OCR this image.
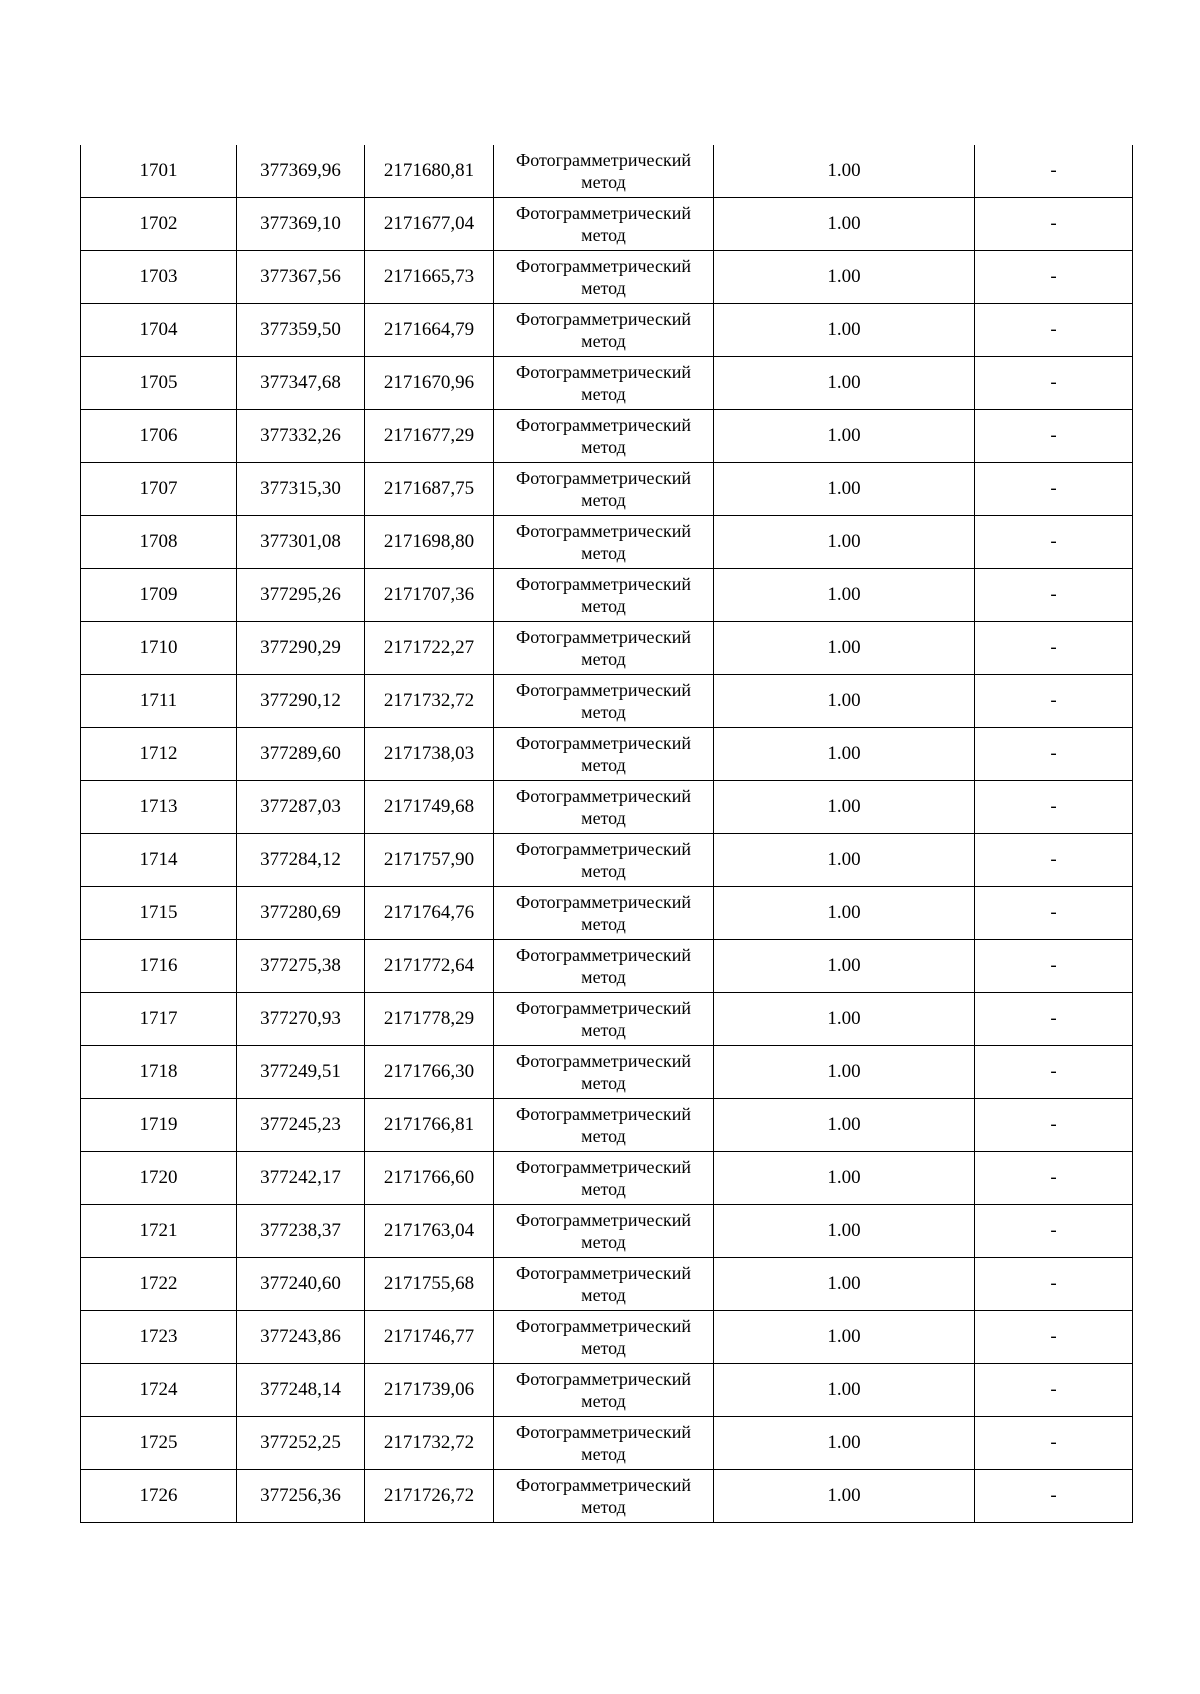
1701	377369,96	2171680,81	Фотограмметрический
метод	1.00	-
1702	377369,10	2171677,04	Фотограмметрический
метод	1.00	-
1703	377367,56	2171665,73	Фотограмметрический
метод	1.00	-
1704	377359,50	2171664,79	Фотограмметрический
метод	1.00	-
1705	377347,68	2171670,96	Фотограмметрический
метод	1.00	-
1706	377332,26	2171677,29	Фотограмметрический
метод	1.00	-
1707	377315,30	2171687,75	Фотограмметрический
метод	1.00	-
1708	377301,08	2171698,80	Фотограмметрический
метод	1.00	-
1709	377295,26	2171707,36	Фотограмметрический
метод	1.00	-
1710	377290,29	2171722,27	Фотограмметрический
метод	1.00	-
1711	377290,12	2171732,72	Фотограмметрический
метод	1.00	-
1712	377289,60	2171738,03	Фотограмметрический
метод	1.00	-
1713	377287,03	2171749,68	Фотограмметрический
метод	1.00	-
1714	377284,12	2171757,90	Фотограмметрический
метод	1.00	-
1715	377280,69	2171764,76	Фотограмметрический
метод	1.00	-
1716	377275,38	2171772,64	Фотограмметрический
метод	1.00	-
1717	377270,93	2171778,29	Фотограмметрический
метод	1.00	-
1718	377249,51	2171766,30	Фотограмметрический
метод	1.00	-
1719	377245,23	2171766,81	Фотограмметрический
метод	1.00	-
1720	377242,17	2171766,60	Фотограмметрический
метод	1.00	-
1721	377238,37	2171763,04	Фотограмметрический
метод	1.00	-
1722	377240,60	2171755,68	Фотограмметрический
метод	1.00	-
1723	377243,86	2171746,77	Фотограмметрический
метод	1.00	-
1724	377248,14	2171739,06	Фотограмметрический
метод	1.00	-
1725	377252,25	2171732,72	Фотограмметрический
метод	1.00	-
1726	377256,36	2171726,72	Фотограмметрический
метод	1.00	-
